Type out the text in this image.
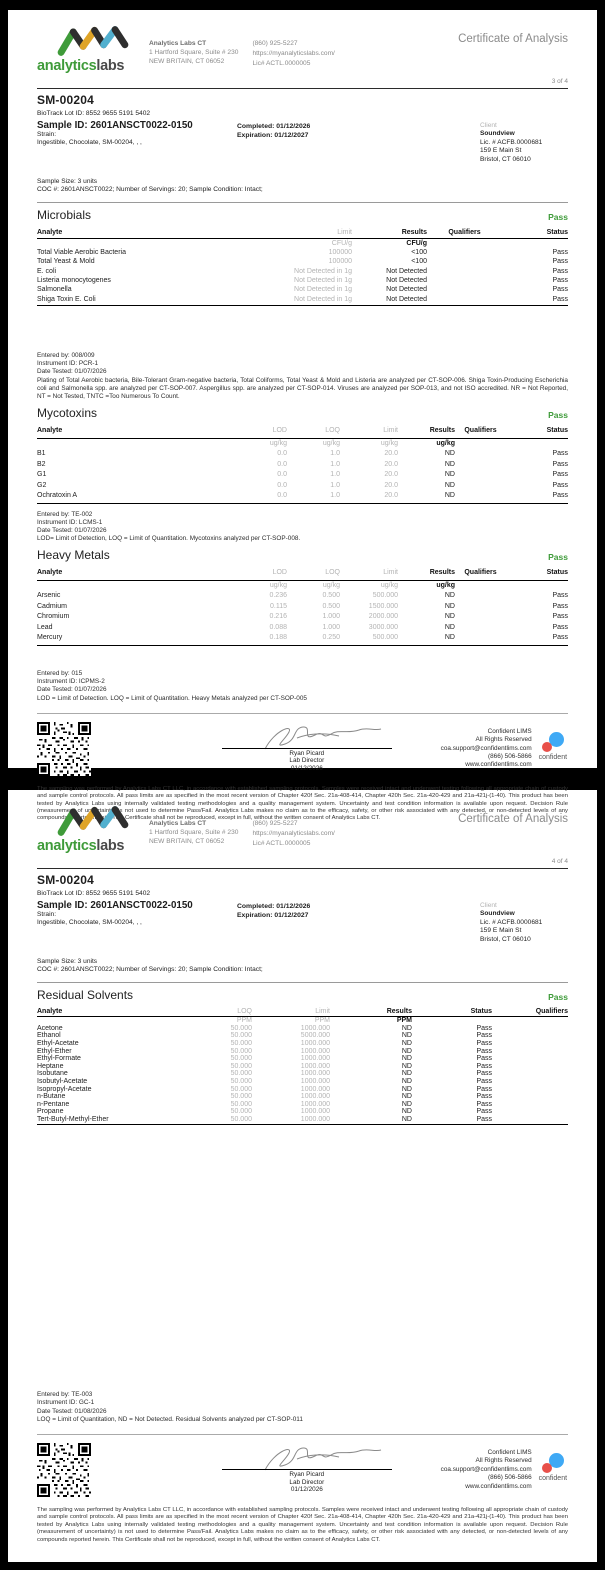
analyticslabs
Analytics Labs CT
1 Hartford Square, Suite # 230
NEW BRITAIN, CT 06052
(860) 925-5227
https://myanalyticslabs.com/
Lic# ACTL.0000005
Certificate of Analysis
3 of 4
SM-00204
BioTrack Lot ID: 8552 9655 5191 5402
Sample ID: 2601ANSCT0022-0150
Strain:
Ingestible, Chocolate, SM-00204, , ,
Completed: 01/12/2026
Expiration: 01/12/2027
Client
Soundview
Lic. # ACFB.0000681
159 E Main St
Bristol, CT 06010
Sample Size: 3 units
COC #: 2601ANSCT0022; Number of Servings: 20; Sample Condition: Intact;
Microbials	Pass
Analyte	Limit	Results	Qualifiers	Status
CFU/g	CFU/g
Total Viable Aerobic Bacteria	100000	<100	Pass
Total Yeast & Mold	100000	<100	Pass
E. coli	Not Detected in 1g	Not Detected	Pass
Listeria monocytogenes	Not Detected in 1g	Not Detected	Pass
Salmonella	Not Detected in 1g	Not Detected	Pass
Shiga Toxin E. Coli	Not Detected in 1g	Not Detected	Pass
Entered by: 008/009
Instrument ID: PCR-1
Date Tested: 01/07/2026
Plating of Total Aerobic bacteria, Bile-Tolerant Gram-negative bacteria, Total Coliforms, Total Yeast & Mold and Listeria are analyzed per CT-SOP-006. Shiga Toxin-Producing Escherichia coli and Salmonella spp. are analyzed per CT-SOP-007. Aspergillus spp. are analyzed per CT-SOP-014. Viruses are analyzed per SOP-013, and not ISO accredited. NR = Not Reported, NT = Not Tested, TNTC =Too Numerous To Count.
Mycotoxins	Pass
Analyte	LOD	LOQ	Limit	Results	Qualifiers	Status
ug/kg	ug/kg	ug/kg	ug/kg
B1	0.0	1.0	20.0	ND	Pass
B2	0.0	1.0	20.0	ND	Pass
G1	0.0	1.0	20.0	ND	Pass
G2	0.0	1.0	20.0	ND	Pass
Ochratoxin A	0.0	1.0	20.0	ND	Pass
Entered by: TE-002
Instrument ID: LCMS-1
Date Tested: 01/07/2026
LOD= Limit of Detection, LOQ = Limit of Quantitation. Mycotoxins analyzed per CT-SOP-008.
Heavy Metals	Pass
Analyte	LOD	LOQ	Limit	Results	Qualifiers	Status
ug/kg	ug/kg	ug/kg	ug/kg
Arsenic	0.236	0.500	500.000	ND	Pass
Cadmium	0.115	0.500	1500.000	ND	Pass
Chromium	0.216	1.000	2000.000	ND	Pass
Lead	0.088	1.000	3000.000	ND	Pass
Mercury	0.188	0.250	500.000	ND	Pass
Entered by: 015
Instrument ID: ICPMS-2
Date Tested: 01/07/2026
LOD = Limit of Detection. LOQ = Limit of Quantitation. Heavy Metals analyzed per CT-SOP-005
Ryan Picard
Lab Director
01/12/2026
Confident LIMS
All Rights Reserved
coa.support@confidentlims.com
(866) 506-5866
www.confidentlims.com
confident
The sampling was performed by Analytics Labs CT LLC, in accordance with established sampling protocols. Samples were received intact and underwent testing following all appropriate chain of custody and sample control protocols. All pass limits are as specified in the most recent version of Chapter 420f Sec. 21a-408-414, Chapter 420h Sec. 21a-420-429 and 21a-421j-(1-40). This product has been tested by Analytics Labs using internally validated testing methodologies and a quality management system. Uncertainty and test condition information is available upon request. Decision Rule (measurement of uncertainty) is not used to determine Pass/Fail. Analytics Labs makes no claim as to the efficacy, safety, or other risk associated with any detected, or non-detected levels of any compounds reported herein. This Certificate shall not be reproduced, except in full, without the written consent of Analytics Labs CT.
analyticslabs
Analytics Labs CT
1 Hartford Square, Suite # 230
NEW BRITAIN, CT 06052
(860) 925-5227
https://myanalyticslabs.com/
Lic# ACTL.0000005
Certificate of Analysis
4 of 4
SM-00204
BioTrack Lot ID: 8552 9655 5191 5402
Sample ID: 2601ANSCT0022-0150
Strain:
Ingestible, Chocolate, SM-00204, , ,
Completed: 01/12/2026
Expiration: 01/12/2027
Client
Soundview
Lic. # ACFB.0000681
159 E Main St
Bristol, CT 06010
Sample Size: 3 units
COC #: 2601ANSCT0022; Number of Servings: 20; Sample Condition: Intact;
Residual Solvents	Pass
Analyte	LOQ	Limit	Results	Status	Qualifiers
PPM	PPM	PPM
Acetone	50.000	1000.000	ND	Pass
Ethanol	50.000	5000.000	ND	Pass
Ethyl-Acetate	50.000	1000.000	ND	Pass
Ethyl-Ether	50.000	1000.000	ND	Pass
Ethyl-Formate	50.000	1000.000	ND	Pass
Heptane	50.000	1000.000	ND	Pass
Isobutane	50.000	1000.000	ND	Pass
Isobutyl-Acetate	50.000	1000.000	ND	Pass
Isopropyl-Acetate	50.000	1000.000	ND	Pass
n-Butane	50.000	1000.000	ND	Pass
n-Pentane	50.000	1000.000	ND	Pass
Propane	50.000	1000.000	ND	Pass
Tert-Butyl-Methyl-Ether	50.000	1000.000	ND	Pass
Entered by: TE-003
Instrument ID: GC-1
Date Tested: 01/08/2026
LOQ = Limit of Quantitation, ND = Not Detected. Residual Solvents analyzed per CT-SOP-011
Ryan Picard
Lab Director
01/12/2026
Confident LIMS
All Rights Reserved
coa.support@confidentlims.com
(866) 506-5866
www.confidentlims.com
confident
The sampling was performed by Analytics Labs CT LLC, in accordance with established sampling protocols. Samples were received intact and underwent testing following all appropriate chain of custody and sample control protocols. All pass limits are as specified in the most recent version of Chapter 420f Sec. 21a-408-414, Chapter 420h Sec. 21a-420-429 and 21a-421j-(1-40). This product has been tested by Analytics Labs using internally validated testing methodologies and a quality management system. Uncertainty and test condition information is available upon request. Decision Rule (measurement of uncertainty) is not used to determine Pass/Fail. Analytics Labs makes no claim as to the efficacy, safety, or other risk associated with any detected, or non-detected levels of any compounds reported herein. This Certificate shall not be reproduced, except in full, without the written consent of Analytics Labs CT.
